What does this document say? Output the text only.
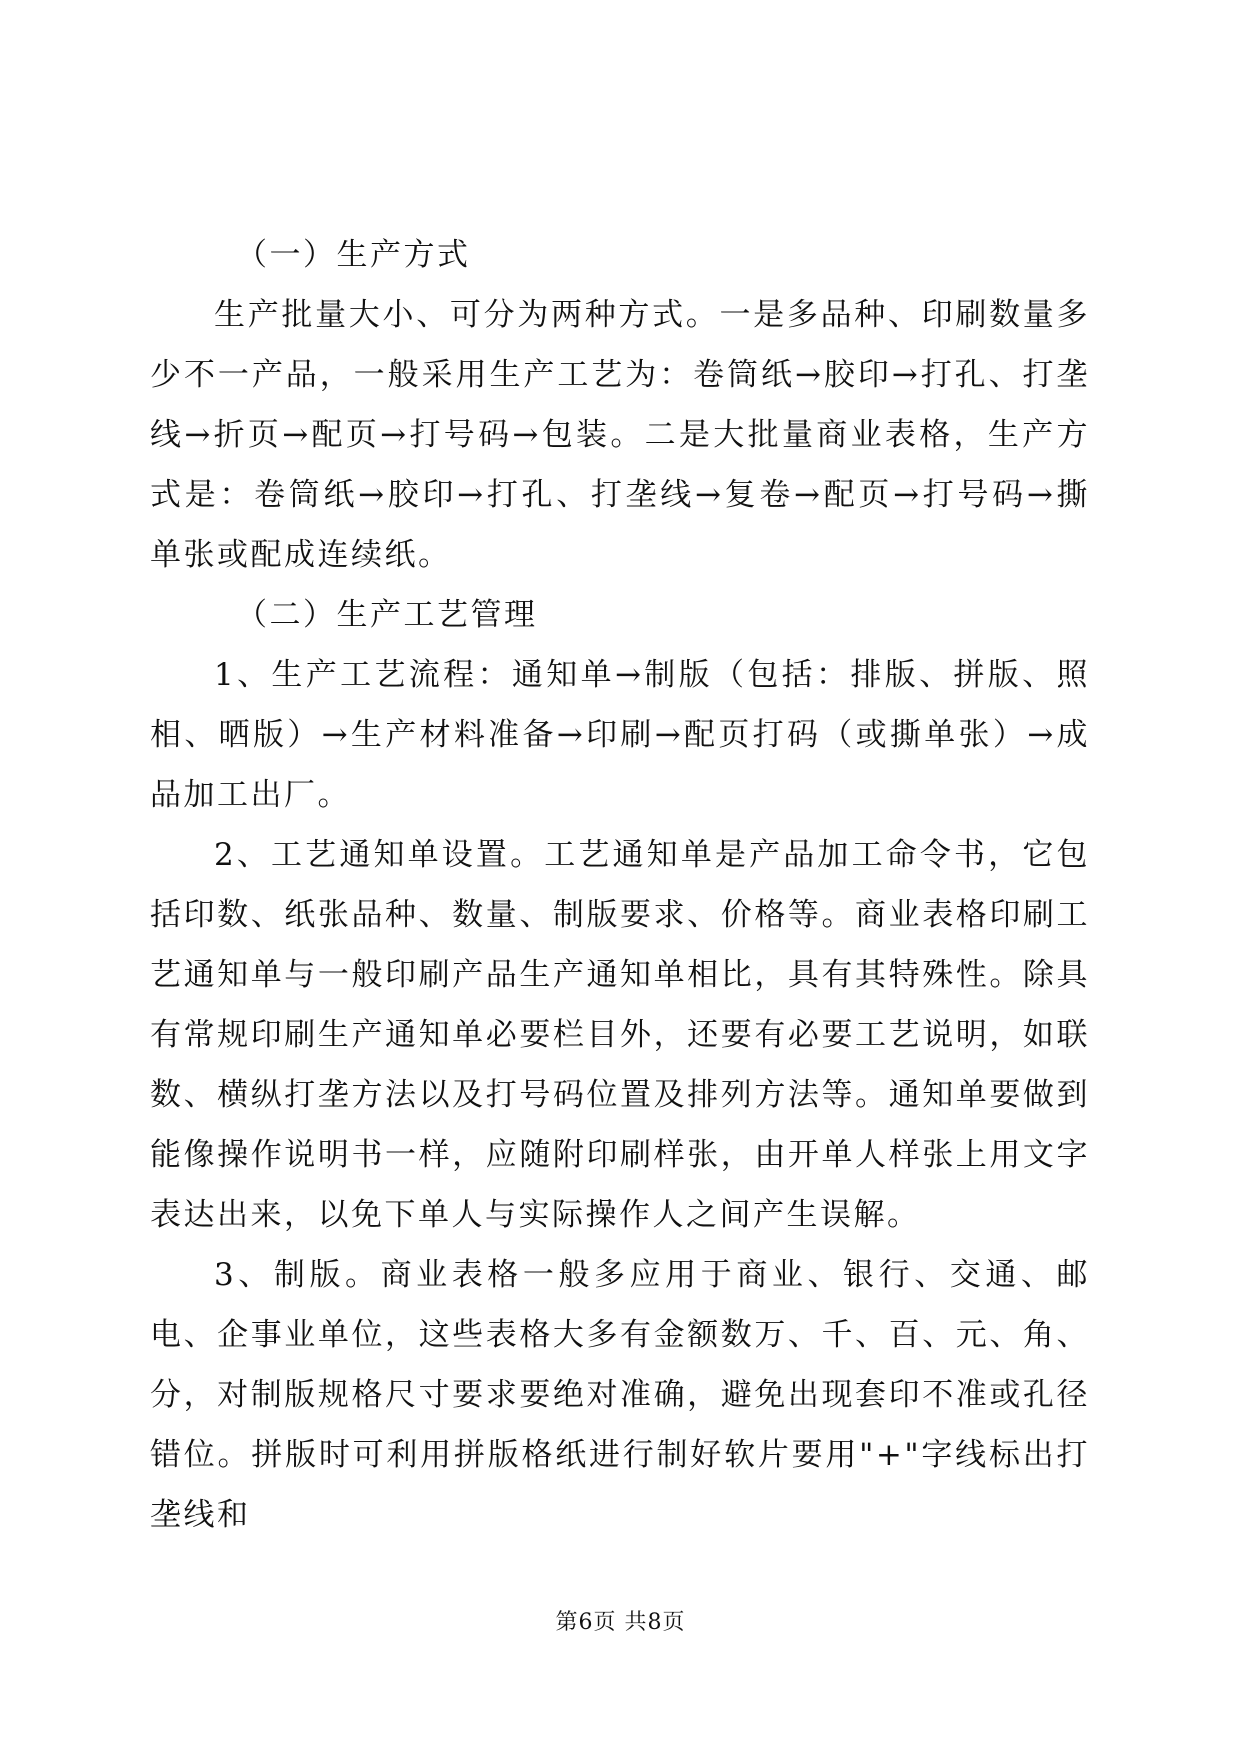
（一）生产方式

生产批量大小、可分为两种方式。一是多品种、印刷数量多少不一产品，一般采用生产工艺为：卷筒纸→胶印→打孔、打垄线→折页→配页→打号码→包装。二是大批量商业表格，生产方式是：卷筒纸→胶印→打孔、打垄线→复卷→配页→打号码→撕单张或配成连续纸。

（二）生产工艺管理

1、生产工艺流程：通知单→制版（包括：排版、拼版、照相、晒版）→生产材料准备→印刷→配页打码（或撕单张）→成品加工出厂。

2、工艺通知单设置。工艺通知单是产品加工命令书，它包括印数、纸张品种、数量、制版要求、价格等。商业表格印刷工艺通知单与一般印刷产品生产通知单相比，具有其特殊性。除具有常规印刷生产通知单必要栏目外，还要有必要工艺说明，如联数、横纵打垄方法以及打号码位置及排列方法等。通知单要做到能像操作说明书一样，应随附印刷样张，由开单人样张上用文字表达出来，以免下单人与实际操作人之间产生误解。

3、制版。商业表格一般多应用于商业、银行、交通、邮电、企事业单位，这些表格大多有金额数万、千、百、元、角、分，对制版规格尺寸要求要绝对准确，避免出现套印不准或孔径错位。拼版时可利用拼版格纸进行制好软片要用"+"字线标出打垄线和

第6页 共8页
